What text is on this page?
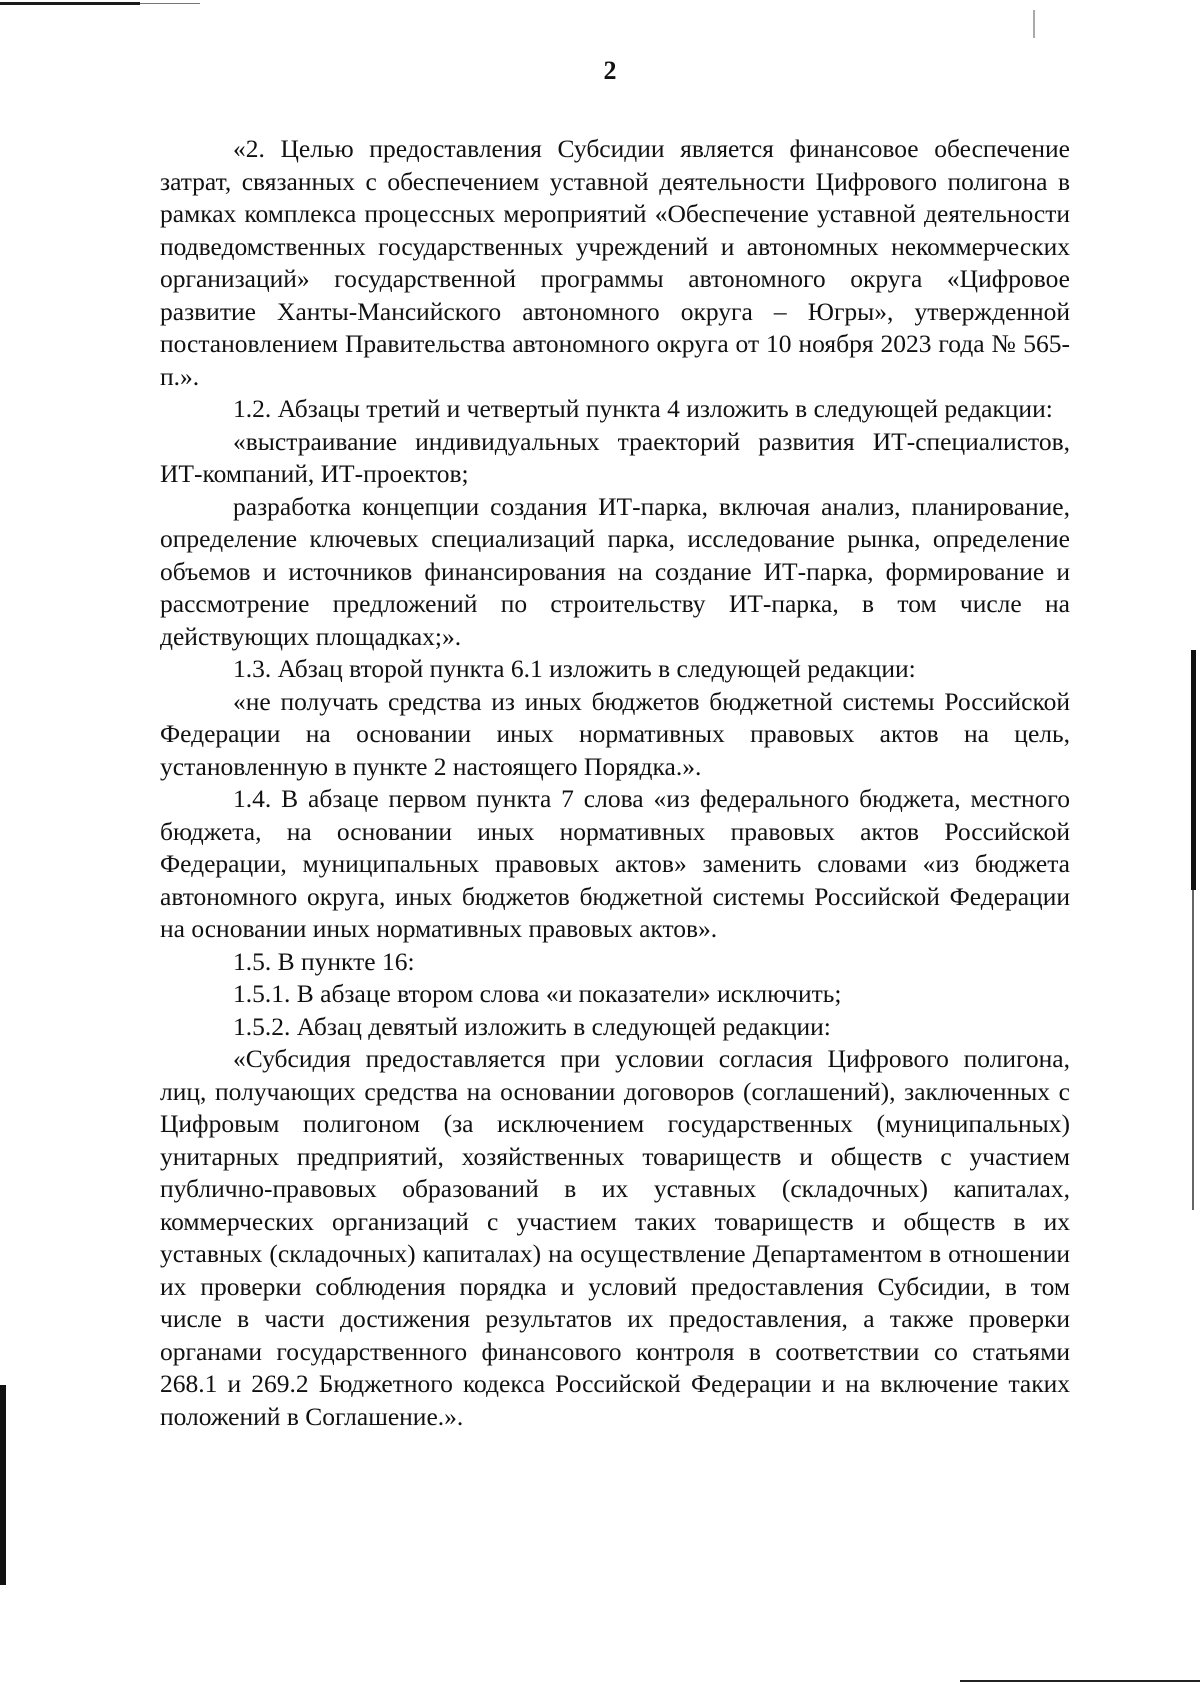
2

«2. Целью предоставления Субсидии является финансовое обеспечение затрат, связанных с обеспечением уставной деятельности Цифрового полигона в рамках комплекса процессных мероприятий «Обеспечение уставной деятельности подведомственных государственных учреждений и автономных некоммерческих организаций» государственной программы автономного округа «Цифровое развитие Ханты-Мансийского автономного округа – Югры», утвержденной постановлением Правительства автономного округа от 10 ноября 2023 года № 565-п.».

1.2. Абзацы третий и четвертый пункта 4 изложить в следующей редакции:

«выстраивание индивидуальных траекторий развития ИТ-специалистов, ИТ-компаний, ИТ-проектов;

разработка концепции создания ИТ-парка, включая анализ, планирование, определение ключевых специализаций парка, исследование рынка, определение объемов и источников финансирования на создание ИТ-парка, формирование и рассмотрение предложений по строительству ИТ-парка, в том числе на действующих площадках;».

1.3. Абзац второй пункта 6.1 изложить в следующей редакции:

«не получать средства из иных бюджетов бюджетной системы Российской Федерации на основании иных нормативных правовых актов на цель, установленную в пункте 2 настоящего Порядка.».

1.4. В абзаце первом пункта 7 слова «из федерального бюджета, местного бюджета, на основании иных нормативных правовых актов Российской Федерации, муниципальных правовых актов» заменить словами «из бюджета автономного округа, иных бюджетов бюджетной системы Российской Федерации на основании иных нормативных правовых актов».

1.5. В пункте 16:

1.5.1. В абзаце втором слова «и показатели» исключить;

1.5.2. Абзац девятый изложить в следующей редакции:

«Субсидия предоставляется при условии согласия Цифрового полигона, лиц, получающих средства на основании договоров (соглашений), заключенных с Цифровым полигоном (за исключением государственных (муниципальных) унитарных предприятий, хозяйственных товариществ и обществ с участием публично-правовых образований в их уставных (складочных) капиталах, коммерческих организаций с участием таких товариществ и обществ в их уставных (складочных) капиталах) на осуществление Департаментом в отношении их проверки соблюдения порядка и условий предоставления Субсидии, в том числе в части достижения результатов их предоставления, а также проверки органами государственного финансового контроля в соответствии со статьями 268.1 и 269.2 Бюджетного кодекса Российской Федерации и на включение таких положений в Соглашение.».
